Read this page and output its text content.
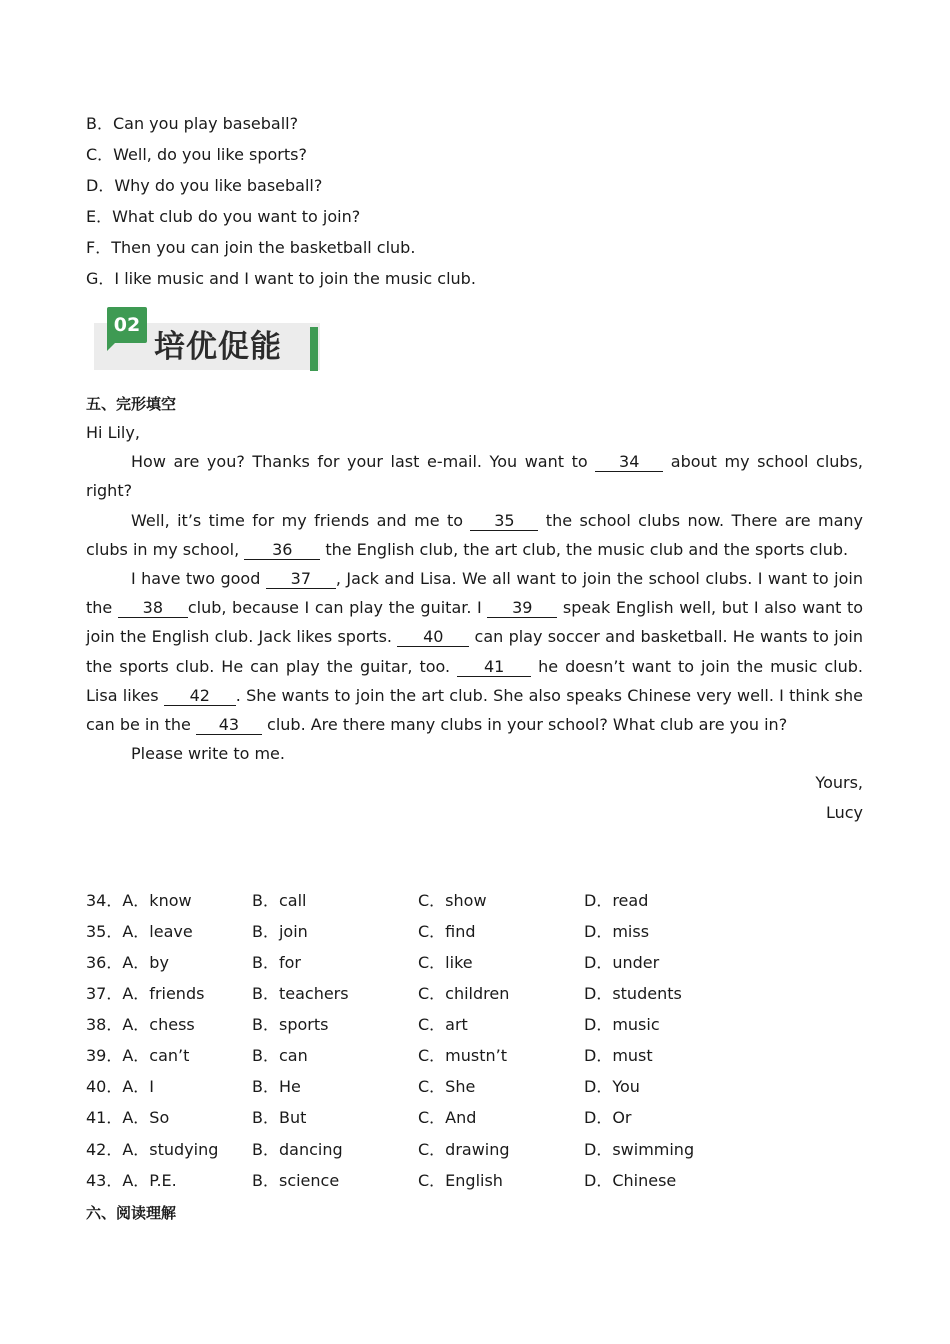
B．Can you play baseball?
C．Well, do you like sports?
D．Why do you like baseball?
E．What club do you want to join?
F．Then you can join the basketball club.
G．I like music and I want to join the music club.
02
培优促能
五、完形填空

Hi Lily,

How are you? Thanks for your last e-mail. You want to 34 about my school clubs, right?

Well, it’s time for my friends and me to 35 the school clubs now. There are many clubs in my school, 36 the English club, the art club, the music club and the sports club.

I have two good 37 , Jack and Lisa. We all want to join the school clubs. I want to join the 38 club, because I can play the guitar. I 39 speak English well, but I also want to join the English club. Jack likes sports. 40 can play soccer and basketball. He wants to join the sports club. He can play the guitar, too. 41 he doesn’t want to join the music club. Lisa likes 42 . She wants to join the art club. She also speaks Chinese very well. I think she can be in the 43 club. Are there many clubs in your school? What club are you in?

Please write to me.

Yours,

Lucy

34．A．know	B．call	C．show	D．read
35．A．leave	B．join	C．find	D．miss
36．A．by	B．for	C．like	D．under
37．A．friends	B．teachers	C．children	D．students
38．A．chess	B．sports	C．art	D．music
39．A．can’t	B．can	C．mustn’t	D．must
40．A．I	B．He	C．She	D．You
41．A．So	B．But	C．And	D．Or
42．A．studying B．dancing	C．drawing	D．swimming
43．A．P.E.	B．science	C．English	D．Chinese
六、阅读理解
